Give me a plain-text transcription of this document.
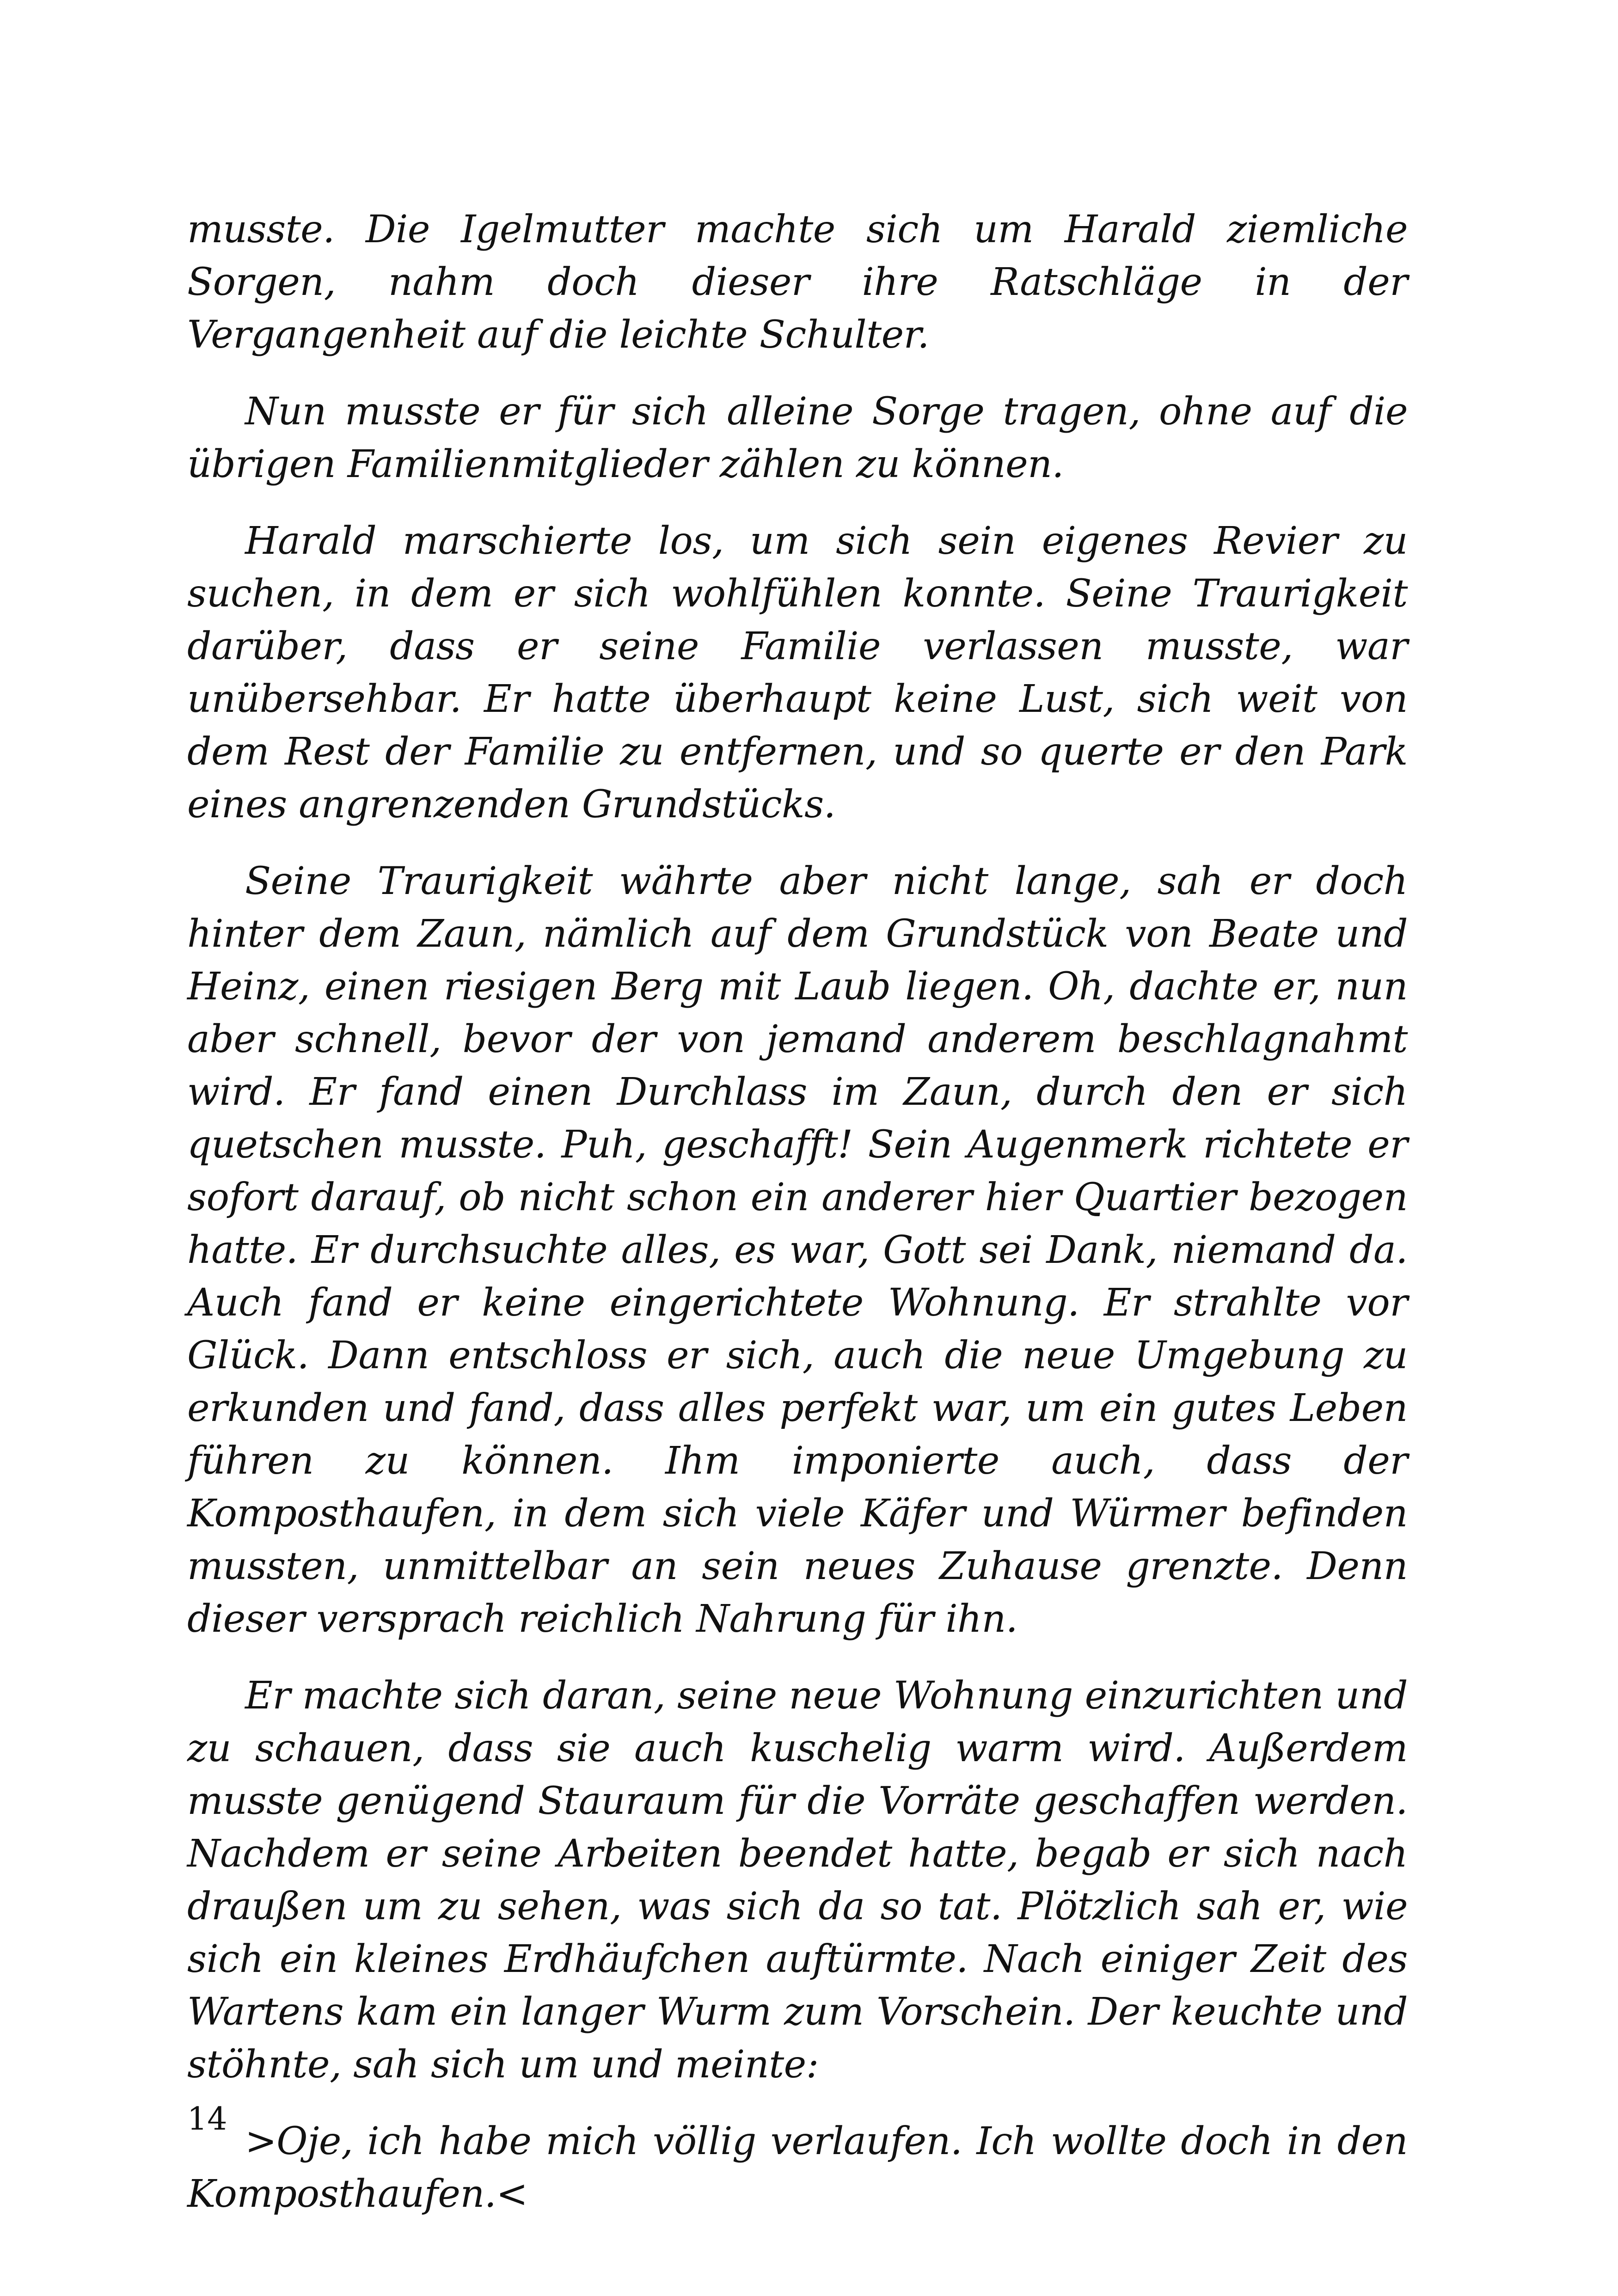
musste. Die Igelmutter machte sich um Harald ziemliche Sorgen, nahm doch dieser ihre Ratschläge in der Vergangenheit auf die leichte Schulter.

Nun musste er für sich alleine Sorge tragen, ohne auf die übrigen Familienmitglieder zählen zu können.

Harald marschierte los, um sich sein eigenes Revier zu suchen, in dem er sich wohlfühlen konnte. Seine Traurigkeit darüber, dass er seine Familie verlassen musste, war unübersehbar. Er hatte überhaupt keine Lust, sich weit von dem Rest der Familie zu entfernen, und so querte er den Park eines angrenzenden Grundstücks.

Seine Traurigkeit währte aber nicht lange, sah er doch hinter dem Zaun, nämlich auf dem Grundstück von Beate und Heinz, einen riesigen Berg mit Laub liegen. Oh, dachte er, nun aber schnell, bevor der von jemand anderem beschlagnahmt wird. Er fand einen Durchlass im Zaun, durch den er sich quetschen musste. Puh, geschafft! Sein Augenmerk richtete er sofort darauf, ob nicht schon ein anderer hier Quartier bezogen hatte. Er durchsuchte alles, es war, Gott sei Dank, niemand da. Auch fand er keine eingerichtete Wohnung. Er strahlte vor Glück. Dann entschloss er sich, auch die neue Umgebung zu erkunden und fand, dass alles perfekt war, um ein gutes Leben führen zu können. Ihm imponierte auch, dass der Komposthaufen, in dem sich viele Käfer und Würmer befinden mussten, unmittelbar an sein neues Zuhause grenzte. Denn dieser versprach reichlich Nahrung für ihn.

Er machte sich daran, seine neue Wohnung einzurichten und zu schauen, dass sie auch kuschelig warm wird. Außerdem musste genügend Stauraum für die Vorräte geschaffen werden. Nachdem er seine Arbeiten beendet hatte, begab er sich nach draußen um zu sehen, was sich da so tat. Plötzlich sah er, wie sich ein kleines Erdhäufchen auftürmte. Nach einiger Zeit des Wartens kam ein langer Wurm zum Vorschein. Der keuchte und stöhnte, sah sich um und meinte:

>Oje, ich habe mich völlig verlaufen. Ich wollte doch in den Komposthaufen.<

14
